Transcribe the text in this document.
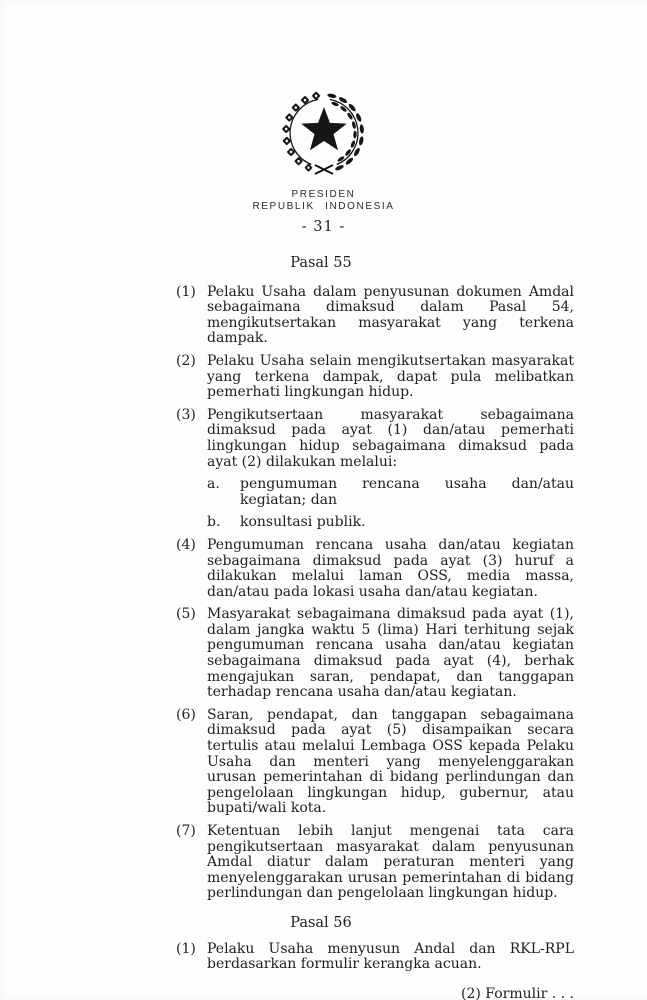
PRESIDEN
REPUBLIK INDONESIA
- 31 -
Pasal 55
(1) Pelaku Usaha dalam penyusunan dokumen Amdal sebagaimana dimaksud dalam Pasal 54, mengikutsertakan masyarakat yang terkena dampak.

(2) Pelaku Usaha selain mengikutsertakan masyarakat yang terkena dampak, dapat pula melibatkan pemerhati lingkungan hidup.

(3) Pengikutsertaan masyarakat sebagaimana dimaksud pada ayat (1) dan/atau pemerhati lingkungan hidup sebagaimana dimaksud pada ayat (2) dilakukan melalui:

a.	pengumuman rencana usaha dan/atau kegiatan; dan
b.	konsultasi publik.
(4) Pengumuman rencana usaha dan/atau kegiatan sebagaimana dimaksud pada ayat (3) huruf a dilakukan melalui laman OSS, media massa, dan/atau pada lokasi usaha dan/atau kegiatan.

(5) Masyarakat sebagaimana dimaksud pada ayat (1), dalam jangka waktu 5 (lima) Hari terhitung sejak pengumuman rencana usaha dan/atau kegiatan sebagaimana dimaksud pada ayat (4), berhak mengajukan saran, pendapat, dan tanggapan terhadap rencana usaha dan/atau kegiatan.

(6) Saran, pendapat, dan tanggapan sebagaimana dimaksud pada ayat (5) disampaikan secara tertulis atau melalui Lembaga OSS kepada Pelaku Usaha dan menteri yang menyelenggarakan urusan pemerintahan di bidang perlindungan dan pengelolaan lingkungan hidup, gubernur, atau bupati/wali kota.

(7) Ketentuan lebih lanjut mengenai tata cara pengikutsertaan masyarakat dalam penyusunan Amdal diatur dalam peraturan menteri yang menyelenggarakan urusan pemerintahan di bidang perlindungan dan pengelolaan lingkungan hidup.

Pasal 56
(1) Pelaku Usaha menyusun Andal dan RKL-RPL berdasarkan formulir kerangka acuan.

(2) Formulir . . .
